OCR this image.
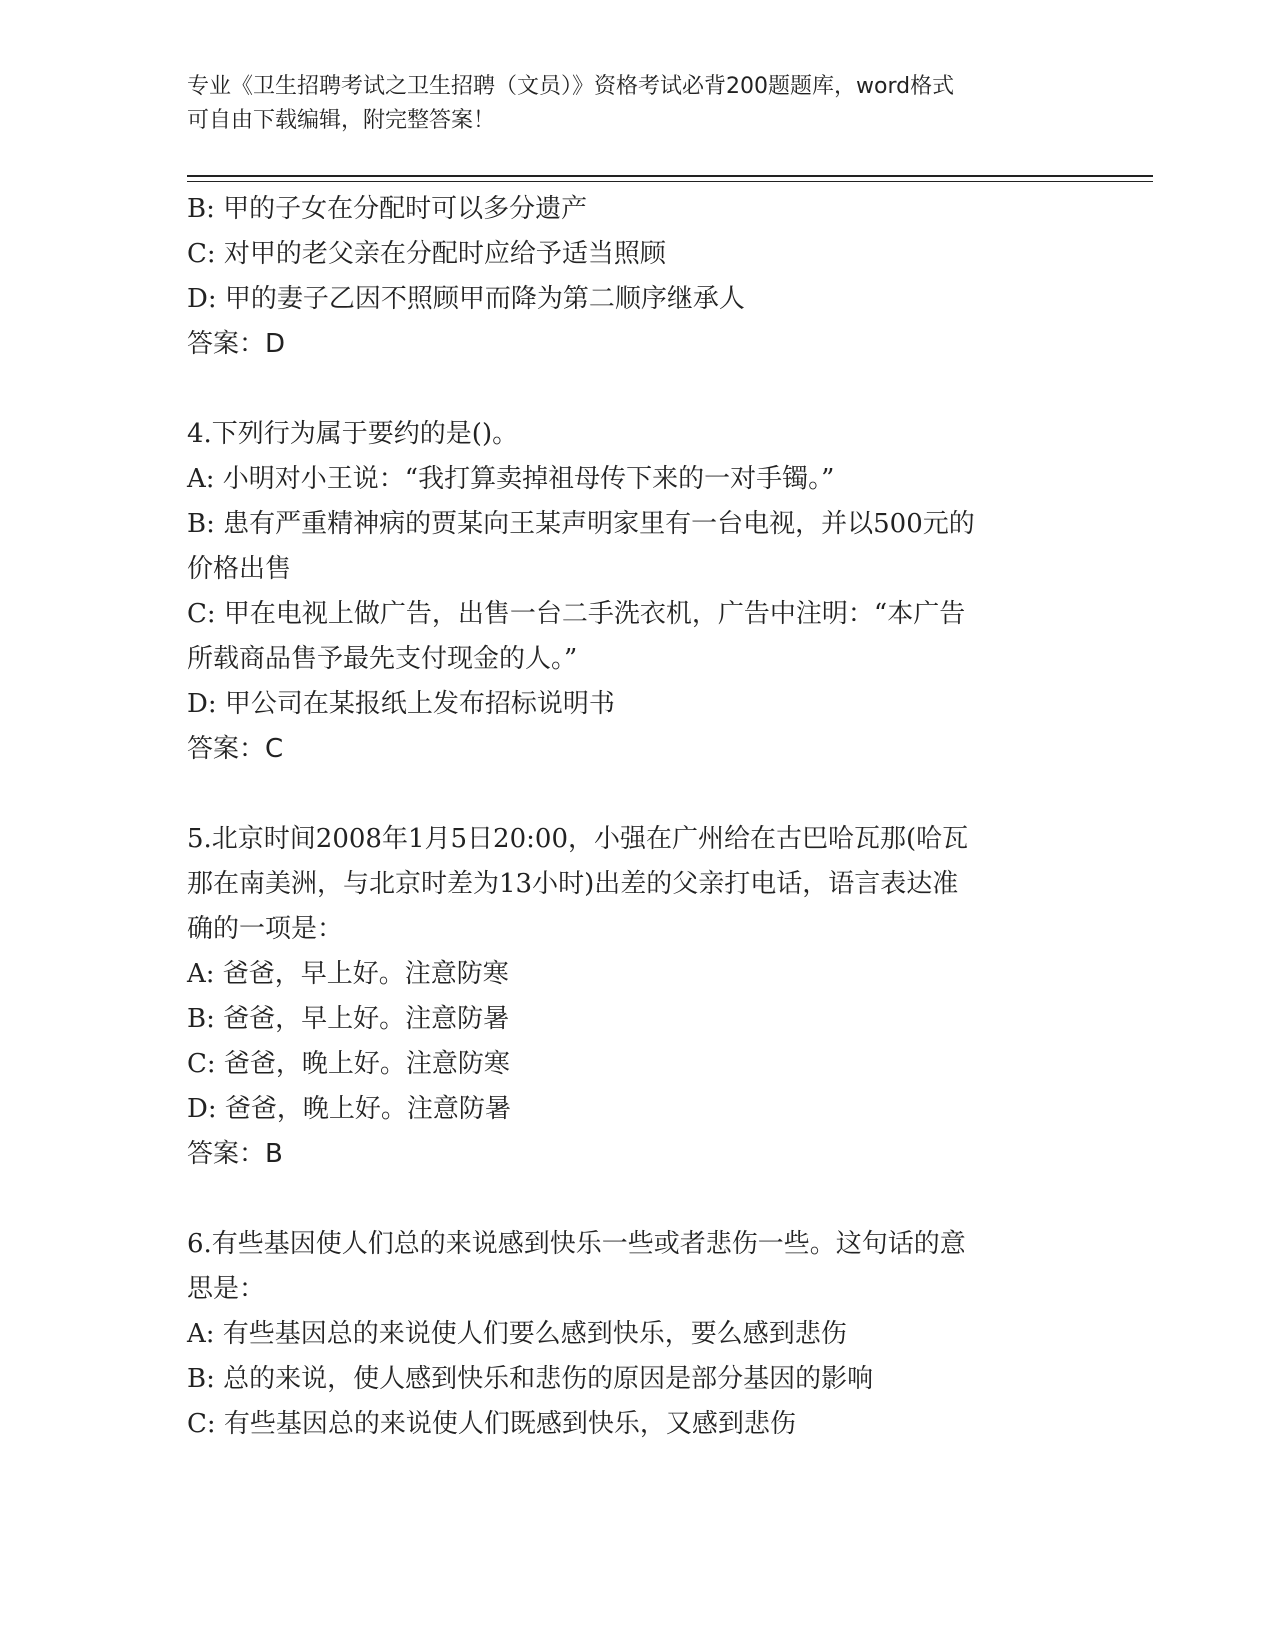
专业《卫生招聘考试之卫生招聘（文员）》资格考试必背200题题库，word格式
可自由下载编辑，附完整答案！
B: 甲的子女在分配时可以多分遗产
C: 对甲的老父亲在分配时应给予适当照顾
D: 甲的妻子乙因不照顾甲而降为第二顺序继承人
答案：D
4.下列行为属于要约的是()。
A: 小明对小王说：“我打算卖掉祖母传下来的一对手镯。”
B: 患有严重精神病的贾某向王某声明家里有一台电视，并以500元的
价格出售
C: 甲在电视上做广告，出售一台二手洗衣机，广告中注明：“本广告
所载商品售予最先支付现金的人。”
D: 甲公司在某报纸上发布招标说明书
答案：C
5.北京时间2008年1月5日20:00，小强在广州给在古巴哈瓦那(哈瓦
那在南美洲，与北京时差为13小时)出差的父亲打电话，语言表达准
确的一项是：
A: 爸爸，早上好。注意防寒
B: 爸爸，早上好。注意防暑
C: 爸爸，晚上好。注意防寒
D: 爸爸，晚上好。注意防暑
答案：B
6.有些基因使人们总的来说感到快乐一些或者悲伤一些。这句话的意
思是：
A: 有些基因总的来说使人们要么感到快乐，要么感到悲伤
B: 总的来说，使人感到快乐和悲伤的原因是部分基因的影响
C: 有些基因总的来说使人们既感到快乐，又感到悲伤
